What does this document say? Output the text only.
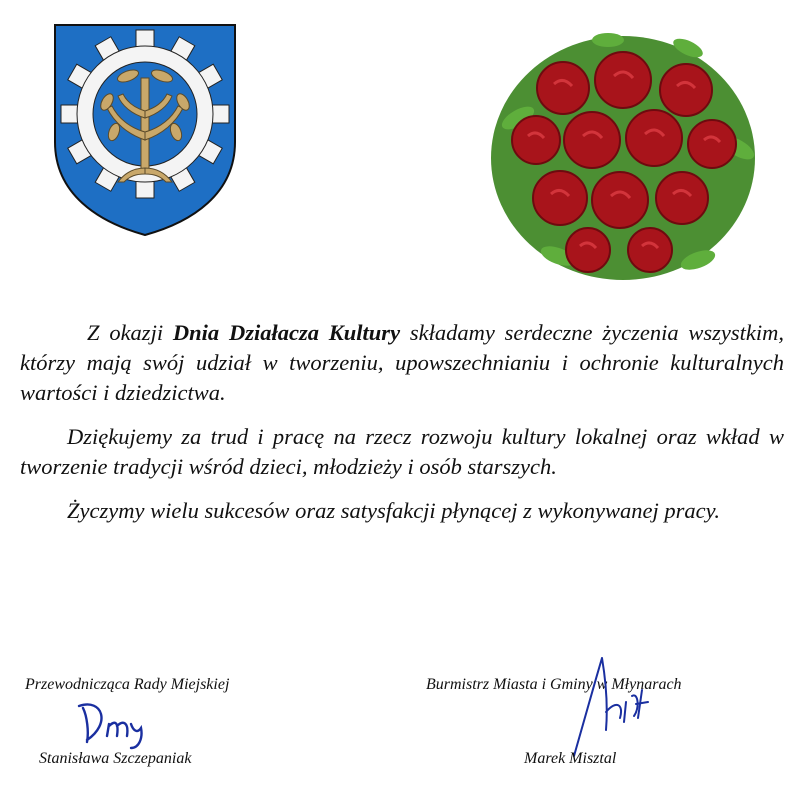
Z okazji Dnia Działacza Kultury składamy serdeczne życzenia wszystkim, którzy mają swój udział w tworzeniu, upowszechnianiu i ochronie kulturalnych wartości i dziedzictwa.

Dziękujemy za trud i pracę na rzecz rozwoju kultury lokalnej oraz wkład w tworzenie tradycji wśród dzieci, młodzieży i osób starszych.

Życzymy wielu sukcesów oraz satysfakcji płynącej z wykonywanej pracy.

Przewodnicząca Rady Miejskiej
Stanisława Szczepaniak
Burmistrz Miasta i Gminy w Młynarach
Marek Misztal
